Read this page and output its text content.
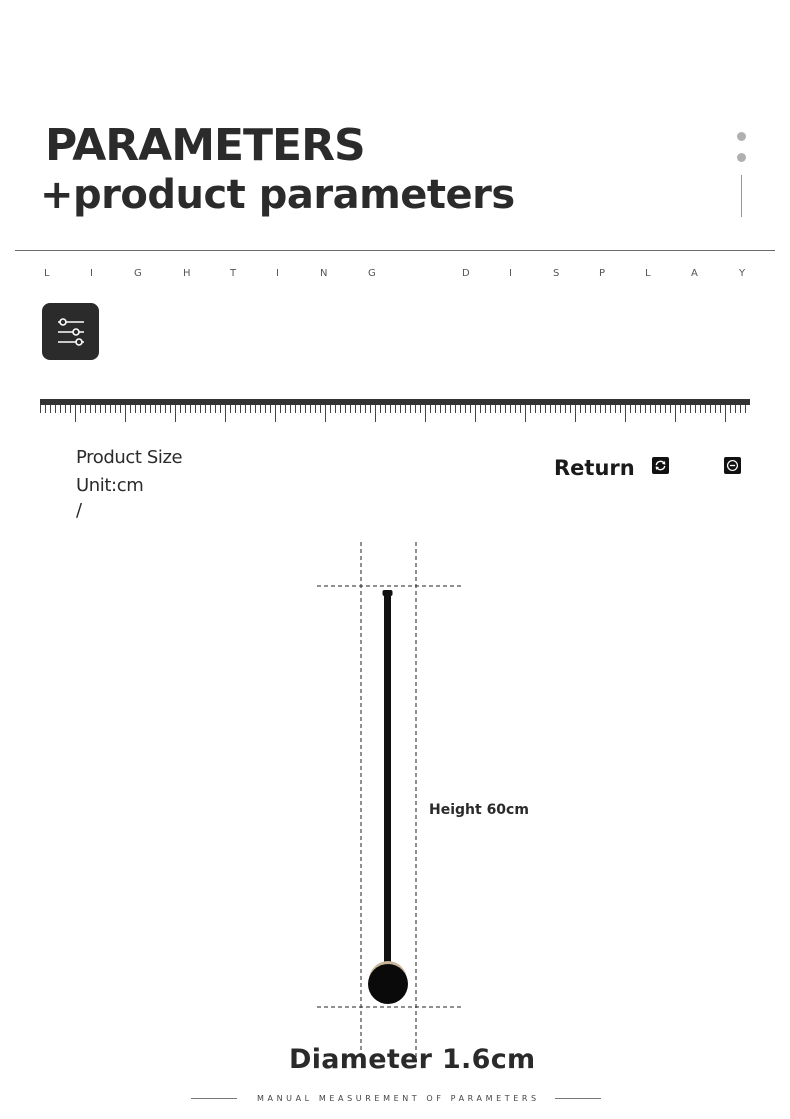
PARAMETERS
+product parameters
L	I	G	H	T	I	N	G	D	I	S	P	L	A	Y
Product Size
Unit:cm
/
Return
Height 60cm
Diameter 1.6cm
MANUAL MEASUREMENT OF PARAMETERS
